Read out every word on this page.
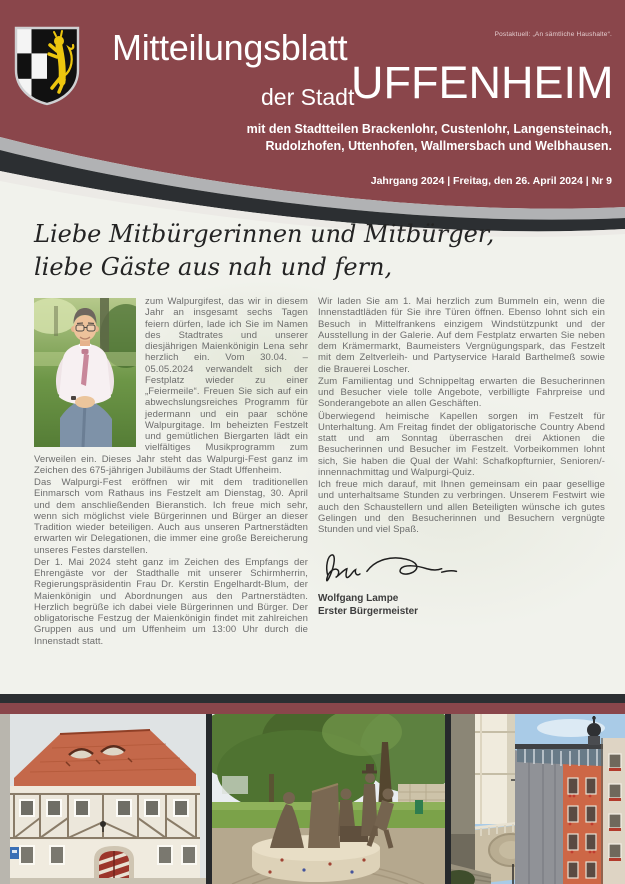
Postaktuell: „An sämtliche Haushalte“.
Mitteilungsblatt
der Stadt
UFFENHEIM
mit den Stadtteilen Brackenlohr, Custenlohr, Langensteinach,
Rudolzhofen, Uttenhofen, Wallmersbach und Welbhausen.
Jahrgang 2024 | Freitag, den 26. April 2024 | Nr 9
Liebe Mitbürgerinnen und Mitbürger,
liebe Gäste aus nah und fern,

zum Walpurgifest, das wir in diesem Jahr an insgesamt sechs Tagen feiern dürfen, lade ich Sie im Namen des Stadtrates und unserer diesjährigen Maienkönigin Lena sehr herzlich ein. Vom 30.04. – 05.05.2024 verwandelt sich der Festplatz wieder zu einer „Feiermeile“. Freuen Sie sich auf ein abwechslungsreiches Programm für jedermann und ein paar schöne Walpurgitage. Im beheizten Festzelt und gemütlichen Biergarten lädt ein vielfältiges Musikprogramm zum Verweilen ein. Dieses Jahr steht das Walpurgi-Fest ganz im Zeichen des 675-jährigen Jubiläums der Stadt Uffenheim.

Das Walpurgi-Fest eröffnen wir mit dem traditionellen Einmarsch vom Rathaus ins Festzelt am Dienstag, 30. April und dem anschließenden Bieranstich. Ich freue mich sehr, wenn sich möglichst viele Bürgerinnen und Bürger an dieser Tradition wieder beteiligen. Auch aus unseren Partnerstädten erwarten wir Delegationen, die immer eine große Bereicherung unseres Festes darstellen.

Der 1. Mai 2024 steht ganz im Zeichen des Empfangs der Ehrengäste vor der Stadthalle mit unserer Schirmherrin, Regierungspräsidentin Frau Dr. Kerstin Engelhardt-Blum, der Maienkönigin und Abordnungen aus den Partnerstädten. Herzlich begrüße ich dabei viele Bürgerinnen und Bürger. Der obligatorische Festzug der Maienkönigin findet mit zahlreichen Gruppen aus und um Uffenheim um 13:00 Uhr durch die Innenstadt statt.

Wir laden Sie am 1. Mai herzlich zum Bummeln ein, wenn die Innenstadtläden für Sie ihre Türen öffnen. Ebenso lohnt sich ein Besuch in Mittelfrankens einzigem Windstützpunkt und der Ausstellung in der Galerie. Auf dem Festplatz erwarten Sie neben dem Krämermarkt, Baumeisters Vergnügungspark, das Festzelt mit dem Zeltverleih- und Partyservice Harald Barthelmeß sowie die Brauerei Loscher.

Zum Familientag und Schnippeltag erwarten die Besucherinnen und Besucher viele tolle Angebote, verbilligte Fahrpreise und Sonderangebote an allen Geschäften.

Überwiegend heimische Kapellen sorgen im Festzelt für Unterhaltung. Am Freitag findet der obligatorische Country Abend statt und am Sonntag überraschen drei Aktionen die Besucherinnen und Besucher im Festzelt. Vorbeikommen lohnt sich, Sie haben die Qual der Wahl: Schafkopfturnier, Senioren/-innennachmittag und Walpurgi-Quiz.

Ich freue mich darauf, mit Ihnen gemeinsam ein paar gesellige und unterhaltsame Stunden zu verbringen. Unserem Festwirt wie auch den Schaustellern und allen Beteiligten wünsche ich gutes Gelingen und den Besucherinnen und Besuchern vergnügte Stunden und viel Spaß.

Wolfgang Lampe
Erster Bürgermeister
